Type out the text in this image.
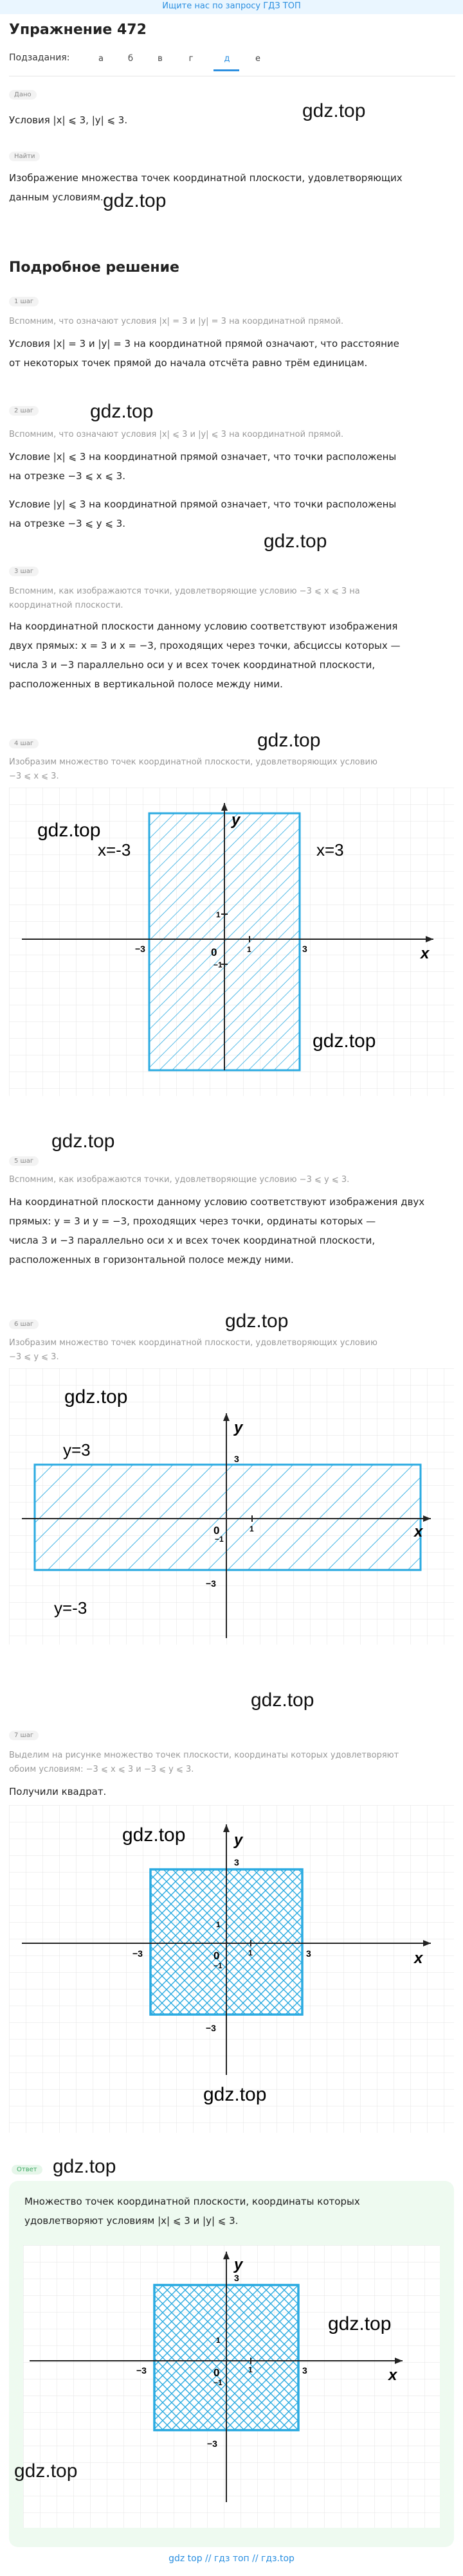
Ищите нас по запросу ГДЗ ТОП
Упражнение 472
Подзадания:	а	б	в	г	д	е
Дано
Условия |x| ⩽ 3, |y| ⩽ 3.	gdz.top
Найти
Изображение множества точек координатной плоскости, удовлетворяющих
данным условиям. gdz.top
Подробное решение
1 шаг
Вспомним, что означают условия |x| = 3 и |y| = 3 на координатной прямой.
Условия |x| = 3 и |y| = 3 на координатной прямой означают, что расстояние
от некоторых точек прямой до начала отсчёта равно трём единицам.
2 шаг	gdz.top
Вспомним, что означают условия |x| ⩽ 3 и |y| ⩽ 3 на координатной прямой.
Условие |x| ⩽ 3 на координатной прямой означает, что точки расположены
на отрезке −3 ⩽ x ⩽ 3.
Условие |y| ⩽ 3 на координатной прямой означает, что точки расположены
на отрезке −3 ⩽ y ⩽ 3.
gdz.top
3 шаг
Вспомним, как изображаются точки, удовлетворяющие условию −3 ⩽ x ⩽ 3 на
координатной плоскости.
На координатной плоскости данному условию соответствуют изображения
двух прямых: x = 3 и x = −3, проходящих через точки, абсциссы которых —
числа 3 и −3 параллельно оси y и всех точек координатной плоскости,
расположенных в вертикальной полосе между ними.
gdz.top
4 шаг
Изобразим множество точек координатной плоскости, удовлетворяющих условию
−3 ⩽ x ⩽ 3.
x
y
0	1
1
−1
−3	3
x=-3	x=3
gdz.top
gdz.top
gdz.top
5 шаг
Вспомним, как изображаются точки, удовлетворяющие условию −3 ⩽ y ⩽ 3.
На координатной плоскости данному условию соответствуют изображения двух
прямых: y = 3 и y = −3, проходящих через точки, ординаты которых —
числа 3 и −3 параллельно оси x и всех точек координатной плоскости,
расположенных в горизонтальной полосе между ними.
gdz.top
6 шаг
Изобразим множество точек координатной плоскости, удовлетворяющих условию
−3 ⩽ y ⩽ 3.
x
y
0	1
−1
3
−3
y=3
y=-3
gdz.top
gdz.top
7 шаг
Выделим на рисунке множество точек плоскости, координаты которых удовлетворяют
обоим условиям: −3 ⩽ x ⩽ 3 и −3 ⩽ y ⩽ 3.
Получили квадрат.
x
y
0	1
1
−1
3
−3
−3	3
gdz.top
gdz.top
Ответ gdz.top
Множество точек координатной плоскости, координаты которых
удовлетворяют условиям |x| ⩽ 3 и |y| ⩽ 3.
x
y
0	1
1
−1
3
−3
−3	3
gdz.top
gdz.top
gdz top // гдз топ // гдз.top
